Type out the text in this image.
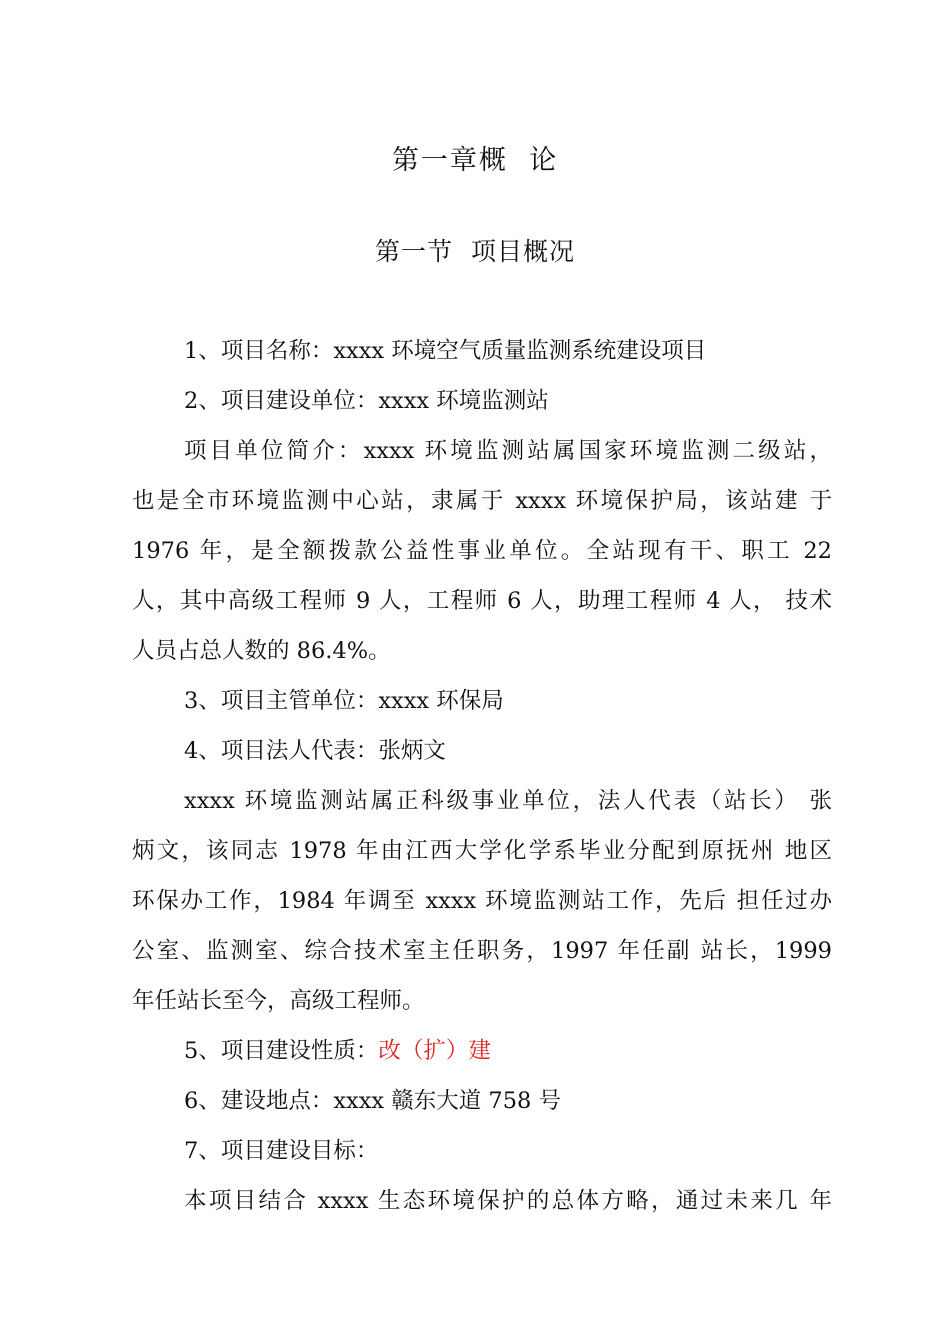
第一章概  论
第一节  项目概况
1、项目名称：xxxx 环境空气质量监测系统建设项目
2、项目建设单位：xxxx 环境监测站
项目单位简介：xxxx 环境监测站属国家环境监测二级站，
也是全市环境监测中心站，隶属于 xxxx 环境保护局，该站建 于
1976 年，是全额拨款公益性事业单位。全站现有干、职工 22
人，其中高级工程师 9 人，工程师 6 人，助理工程师 4 人， 技术
人员占总人数的 86.4%。
3、项目主管单位：xxxx 环保局
4、项目法人代表：张炳文
xxxx 环境监测站属正科级事业单位，法人代表（站长） 张
炳文，该同志 1978 年由江西大学化学系毕业分配到原抚州 地区
环保办工作，1984 年调至 xxxx 环境监测站工作，先后 担任过办
公室、监测室、综合技术室主任职务，1997 年任副 站长，1999
年任站长至今，高级工程师。
5、项目建设性质：改（扩）建
6、建设地点：xxxx 赣东大道 758 号
7、项目建设目标：
本项目结合 xxxx 生态环境保护的总体方略，通过未来几 年
